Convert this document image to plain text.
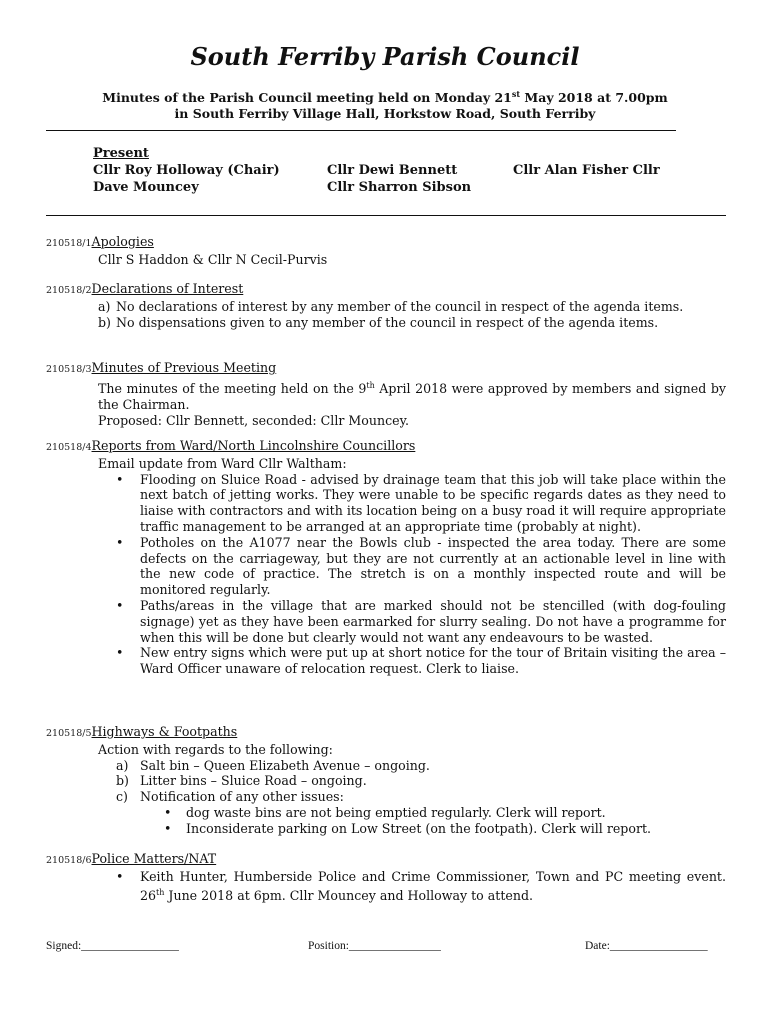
South Ferriby Parish Council
Minutes of the Parish Council meeting held on Monday 21st May 2018 at 7.00pm
in South Ferriby Village Hall, Horkstow Road, South Ferriby
Present
Cllr Roy Holloway (Chair)	Cllr Dewi Bennett	Cllr Alan Fisher Cllr
Dave Mouncey	Cllr Sharron Sibson
210518/1Apologies
Cllr S Haddon & Cllr N Cecil-Purvis
210518/2Declarations of Interest
a) No declarations of interest by any member of the council in respect of the agenda items.
b) No dispensations given to any member of the council in respect of the agenda items.
210518/3Minutes of Previous Meeting
The minutes of the meeting held on the 9th April 2018 were approved by members and signed by the Chairman.
Proposed: Cllr Bennett, seconded: Cllr Mouncey.
210518/4Reports from Ward/North Lincolnshire Councillors
Email update from Ward Cllr Waltham:
• Flooding on Sluice Road - advised by drainage team that this job will take place within the next batch of jetting works. They were unable to be specific regards dates as they need to liaise with contractors and with its location being on a busy road it will require appropriate traffic management to be arranged at an appropriate time (probably at night).
• Potholes on the A1077 near the Bowls club - inspected the area today. There are some defects on the carriageway, but they are not currently at an actionable level in line with the new code of practice. The stretch is on a monthly inspected route and will be monitored regularly.
• Paths/areas in the village that are marked should not be stencilled (with dog-fouling signage) yet as they have been earmarked for slurry sealing. Do not have a programme for when this will be done but clearly would not want any endeavours to be wasted.
• New entry signs which were put up at short notice for the tour of Britain visiting the area – Ward Officer unaware of relocation request. Clerk to liaise.
210518/5Highways & Footpaths
Action with regards to the following:
a) Salt bin – Queen Elizabeth Avenue – ongoing.
b) Litter bins – Sluice Road – ongoing.
c) Notification of any other issues:
• dog waste bins are not being emptied regularly. Clerk will report.
• Inconsiderate parking on Low Street (on the footpath). Clerk will report.
210518/6Police Matters/NAT
• Keith Hunter, Humberside Police and Crime Commissioner, Town and PC meeting event. 26th June 2018 at 6pm. Cllr Mouncey and Holloway to attend.
Signed:_________________	Position:________________	Date:_________________
